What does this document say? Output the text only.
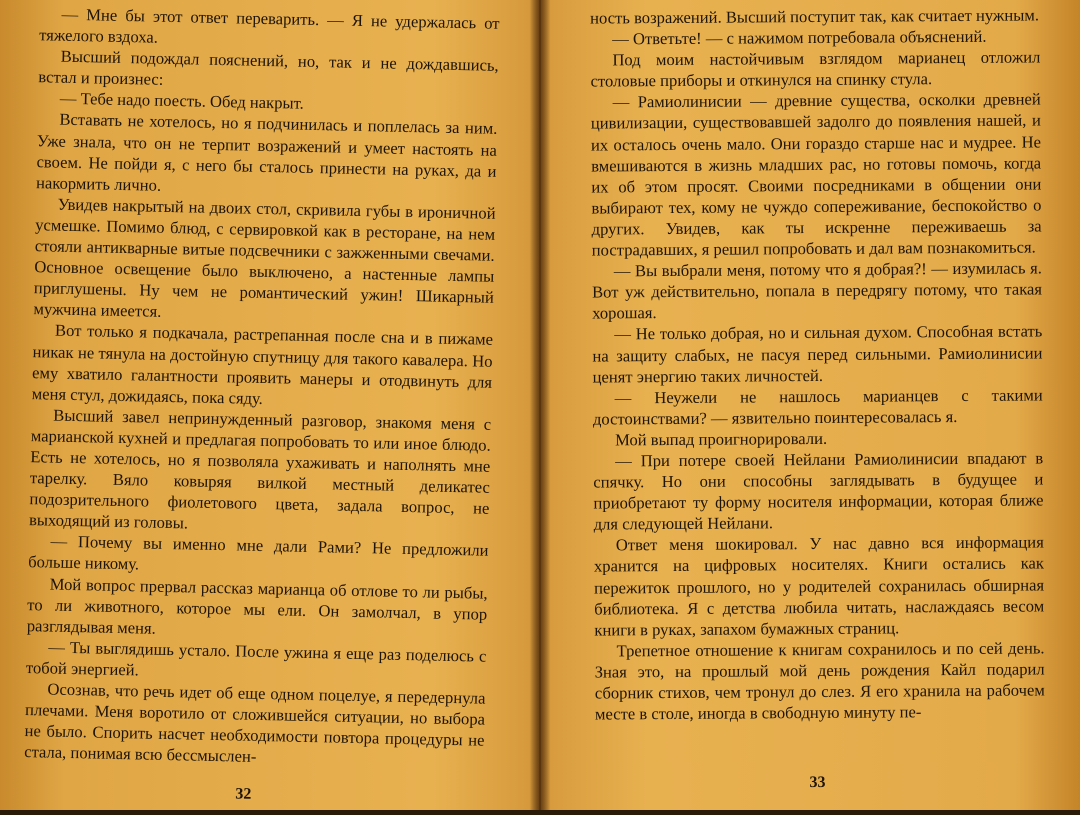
— Мне бы этот ответ переварить. — Я не удержалась от тяжелого вздоха.

Высший подождал пояснений, но, так и не дождавшись, встал и произнес:

— Тебе надо поесть. Обед накрыт.

Вставать не хотелось, но я подчинилась и поплелась за ним. Уже знала, что он не терпит возражений и умеет настоять на своем. Не пойди я, с него бы сталось принести на руках, да и накормить лично.

Увидев накрытый на двоих стол, скривила губы в ироничной усмешке. Помимо блюд, с сервировкой как в ресторане, на нем стояли антикварные витые подсвечники с зажженными свечами. Основное освещение было выключено, а настенные лампы приглушены. Ну чем не романтический ужин! Шикарный мужчина имеется.

Вот только я подкачала, растрепанная после сна и в пижаме никак не тянула на достойную спутницу для такого кавалера. Но ему хватило галантности проявить манеры и отодвинуть для меня стул, дожидаясь, пока сяду.

Высший завел непринужденный разговор, знакомя меня с марианской кухней и предлагая попробовать то или иное блюдо. Есть не хотелось, но я позволяла ухаживать и наполнять мне тарелку. Вяло ковыряя вилкой местный деликатес подозрительного фиолетового цвета, задала вопрос, не выходящий из головы.

— Почему вы именно мне дали Рами? Не предложили больше никому.

Мой вопрос прервал рассказ марианца об отлове то ли рыбы, то ли животного, которое мы ели. Он замолчал, в упор разглядывая меня.

— Ты выглядишь устало. После ужина я еще раз поделюсь с тобой энергией.

Осознав, что речь идет об еще одном поцелуе, я передернула плечами. Меня воротило от сложившейся ситуации, но выбора не было. Спорить насчет необходимости повтора процедуры не стала, понимая всю бессмыслен-

32

ность возражений. Высший поступит так, как считает нужным.

— Ответьте! — с нажимом потребовала объяснений.

Под моим настойчивым взглядом марианец отложил столовые приборы и откинулся на спинку стула.

— Рамиолинисии — древние существа, осколки древней цивилизации, существовавшей задолго до появления нашей, и их осталось очень мало. Они гораздо старше нас и мудрее. Не вмешиваются в жизнь младших рас, но готовы помочь, когда их об этом просят. Своими посредниками в общении они выбирают тех, кому не чуждо сопереживание, беспокойство о других. Увидев, как ты искренне переживаешь за пострадавших, я решил попробовать и дал вам познакомиться.

— Вы выбрали меня, потому что я добрая?! — изумилась я. Вот уж действительно, попала в передрягу потому, что такая хорошая.

— Не только добрая, но и сильная духом. Способная встать на защиту слабых, не пасуя перед сильными. Рамиолинисии ценят энергию таких личностей.

— Неужели не нашлось марианцев с такими достоинствами? — язвительно поинтересовалась я.

Мой выпад проигнорировали.

— При потере своей Нейлани Рамиолинисии впадают в спячку. Но они способны заглядывать в будущее и приобретают ту форму носителя информации, которая ближе для следующей Нейлани.

Ответ меня шокировал. У нас давно вся информация хранится на цифровых носителях. Книги остались как пережиток прошлого, но у родителей сохранилась обширная библиотека. Я с детства любила читать, наслаждаясь весом книги в руках, запахом бумажных страниц.

Трепетное отношение к книгам сохранилось и по сей день. Зная это, на прошлый мой день рождения Кайл подарил сборник стихов, чем тронул до слез. Я его хранила на рабочем месте в столе, иногда в свободную минуту пе-

33
